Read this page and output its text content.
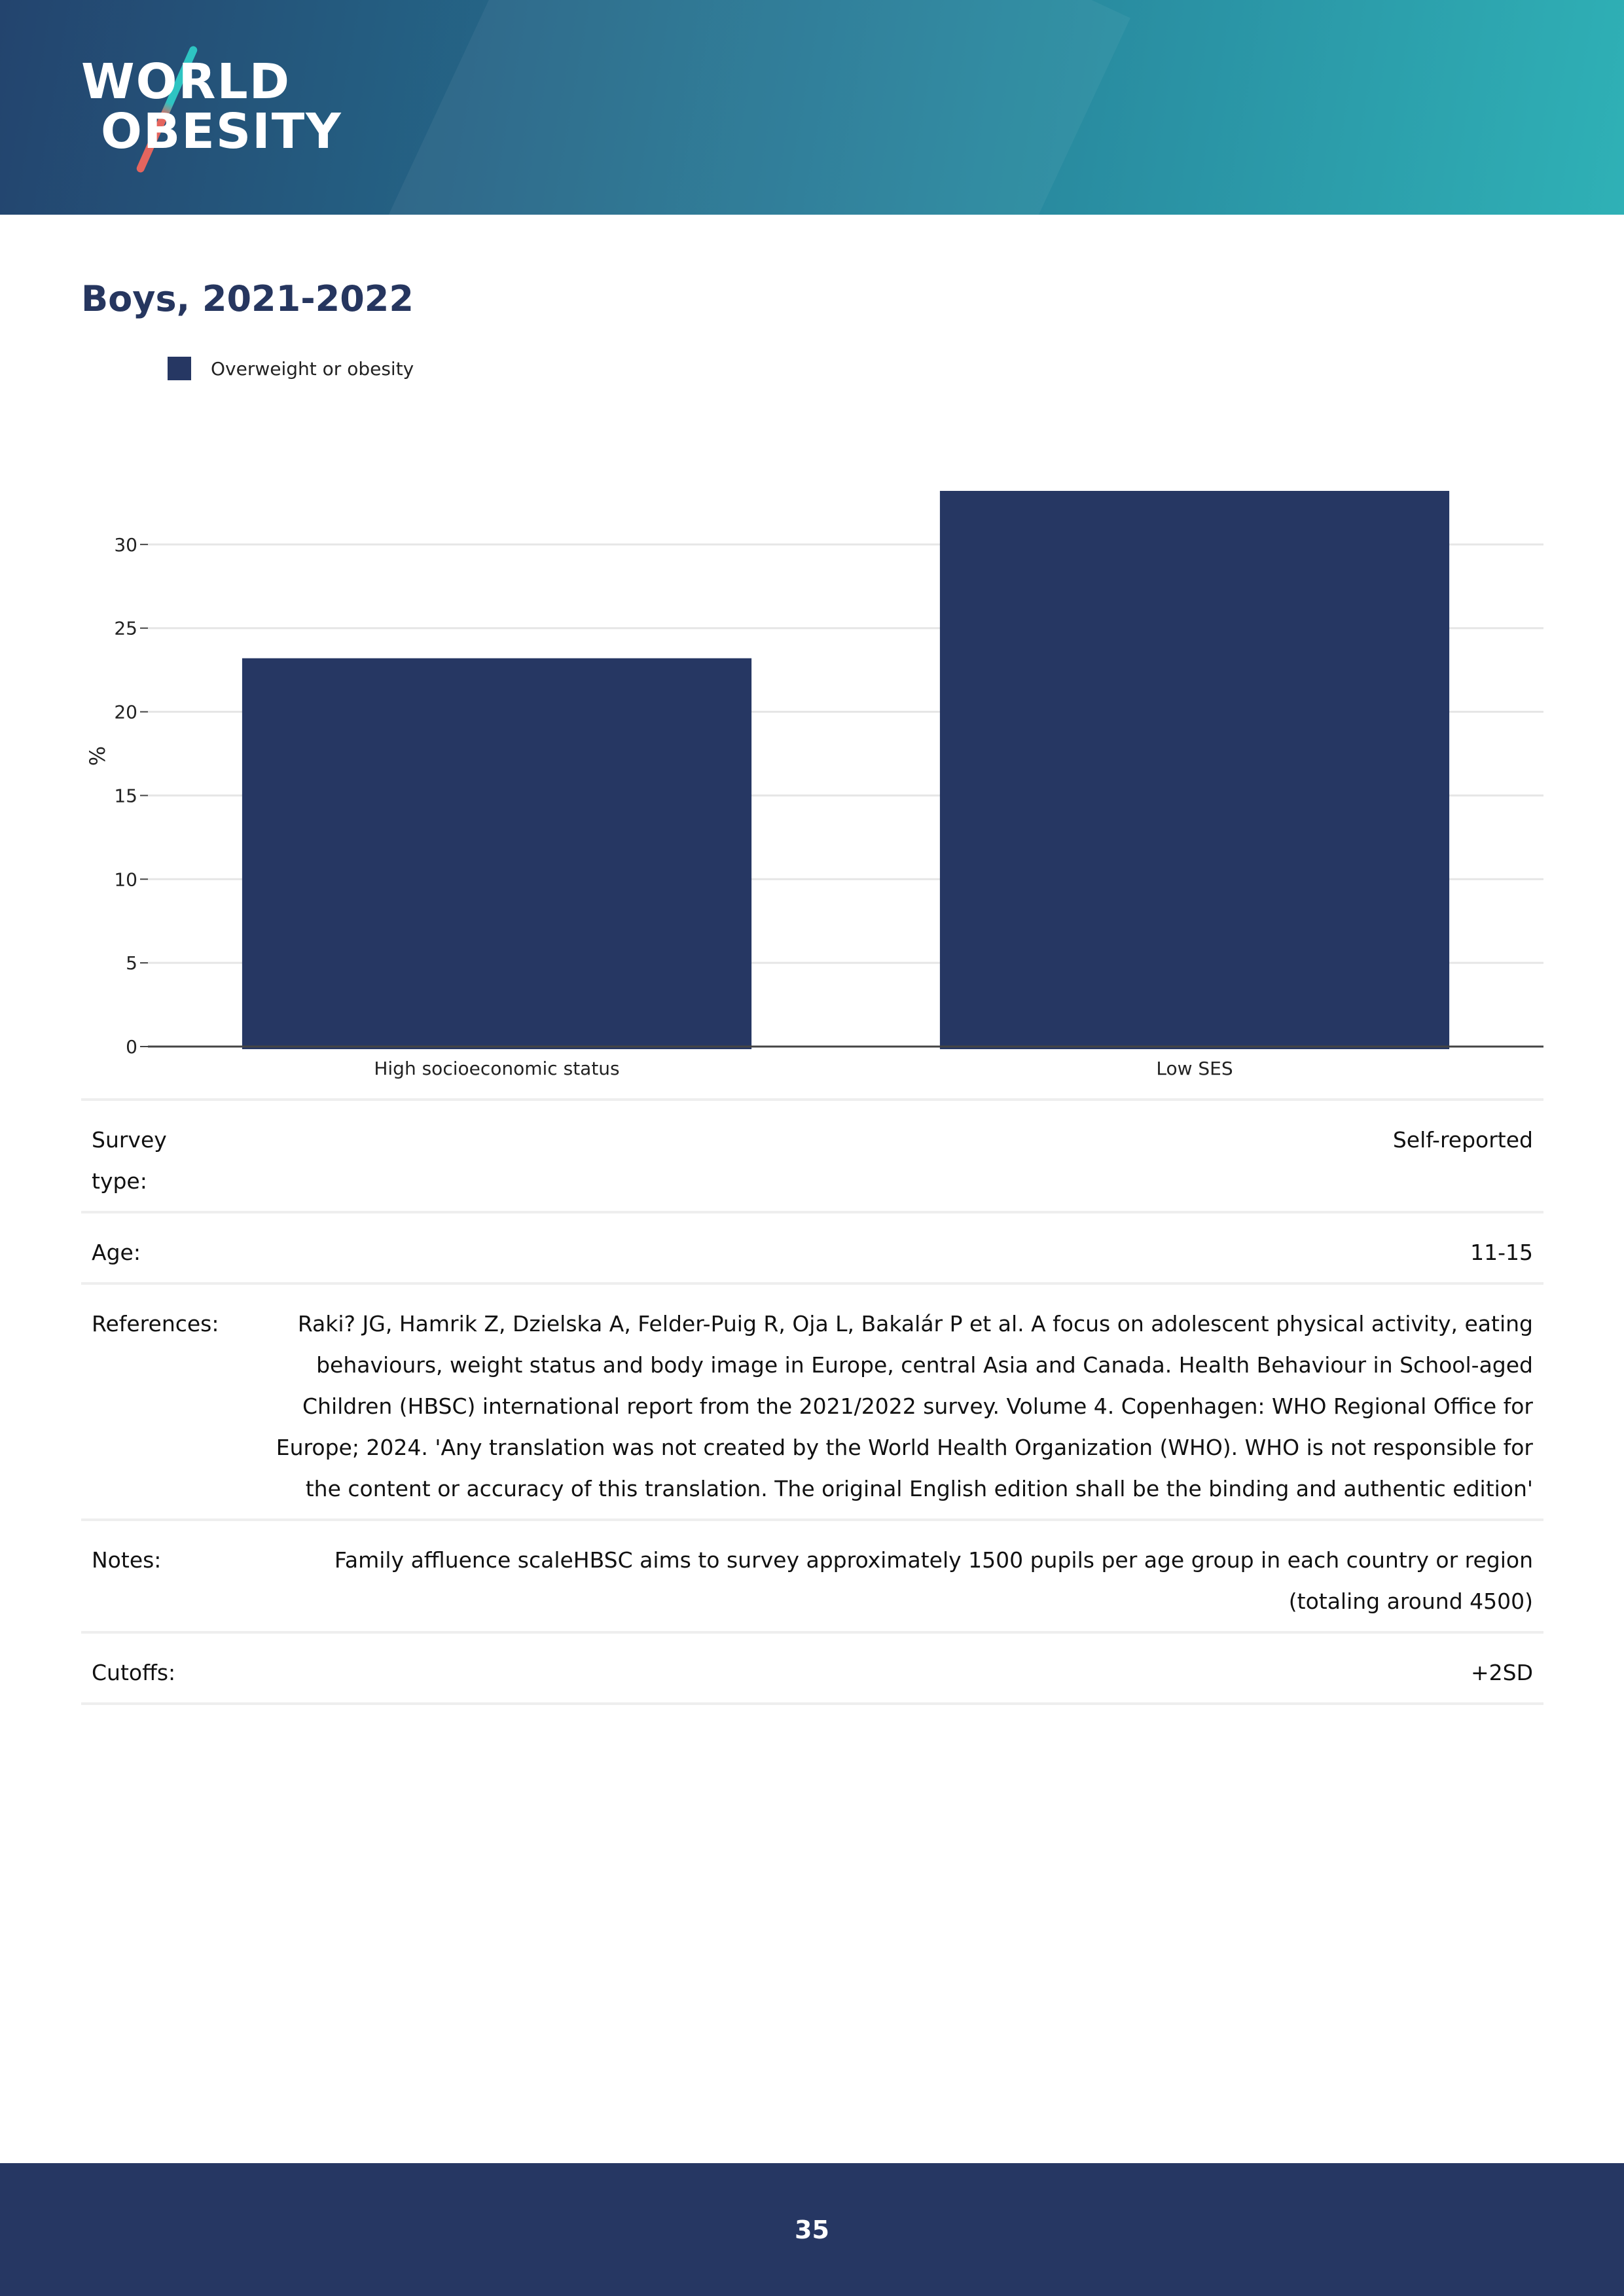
WORLD
OBESITY
Boys, 2021-2022
Overweight or obesity
0
5
10
15
20
25
30
High socioeconomic status	Low SES
%
Survey type:
Self-reported
Age:	11-15
References:	Raki? JG, Hamrik Z, Dzielska A, Felder-Puig R, Oja L, Bakalár P et al. A focus on adolescent physical activity, eating behaviours, weight status and body image in Europe, central Asia and Canada. Health Behaviour in School-aged Children (HBSC) international report from the 2021/2022 survey. Volume 4. Copenhagen: WHO Regional Office for Europe; 2024. 'Any translation was not created by the World Health Organization (WHO). WHO is not responsible for the content or accuracy of this translation. The original English edition shall be the binding and authentic edition'
Notes:	Family affluence scaleHBSC aims to survey approximately 1500 pupils per age group in each country or region (totaling around 4500)
Cutoffs:	+2SD
35
